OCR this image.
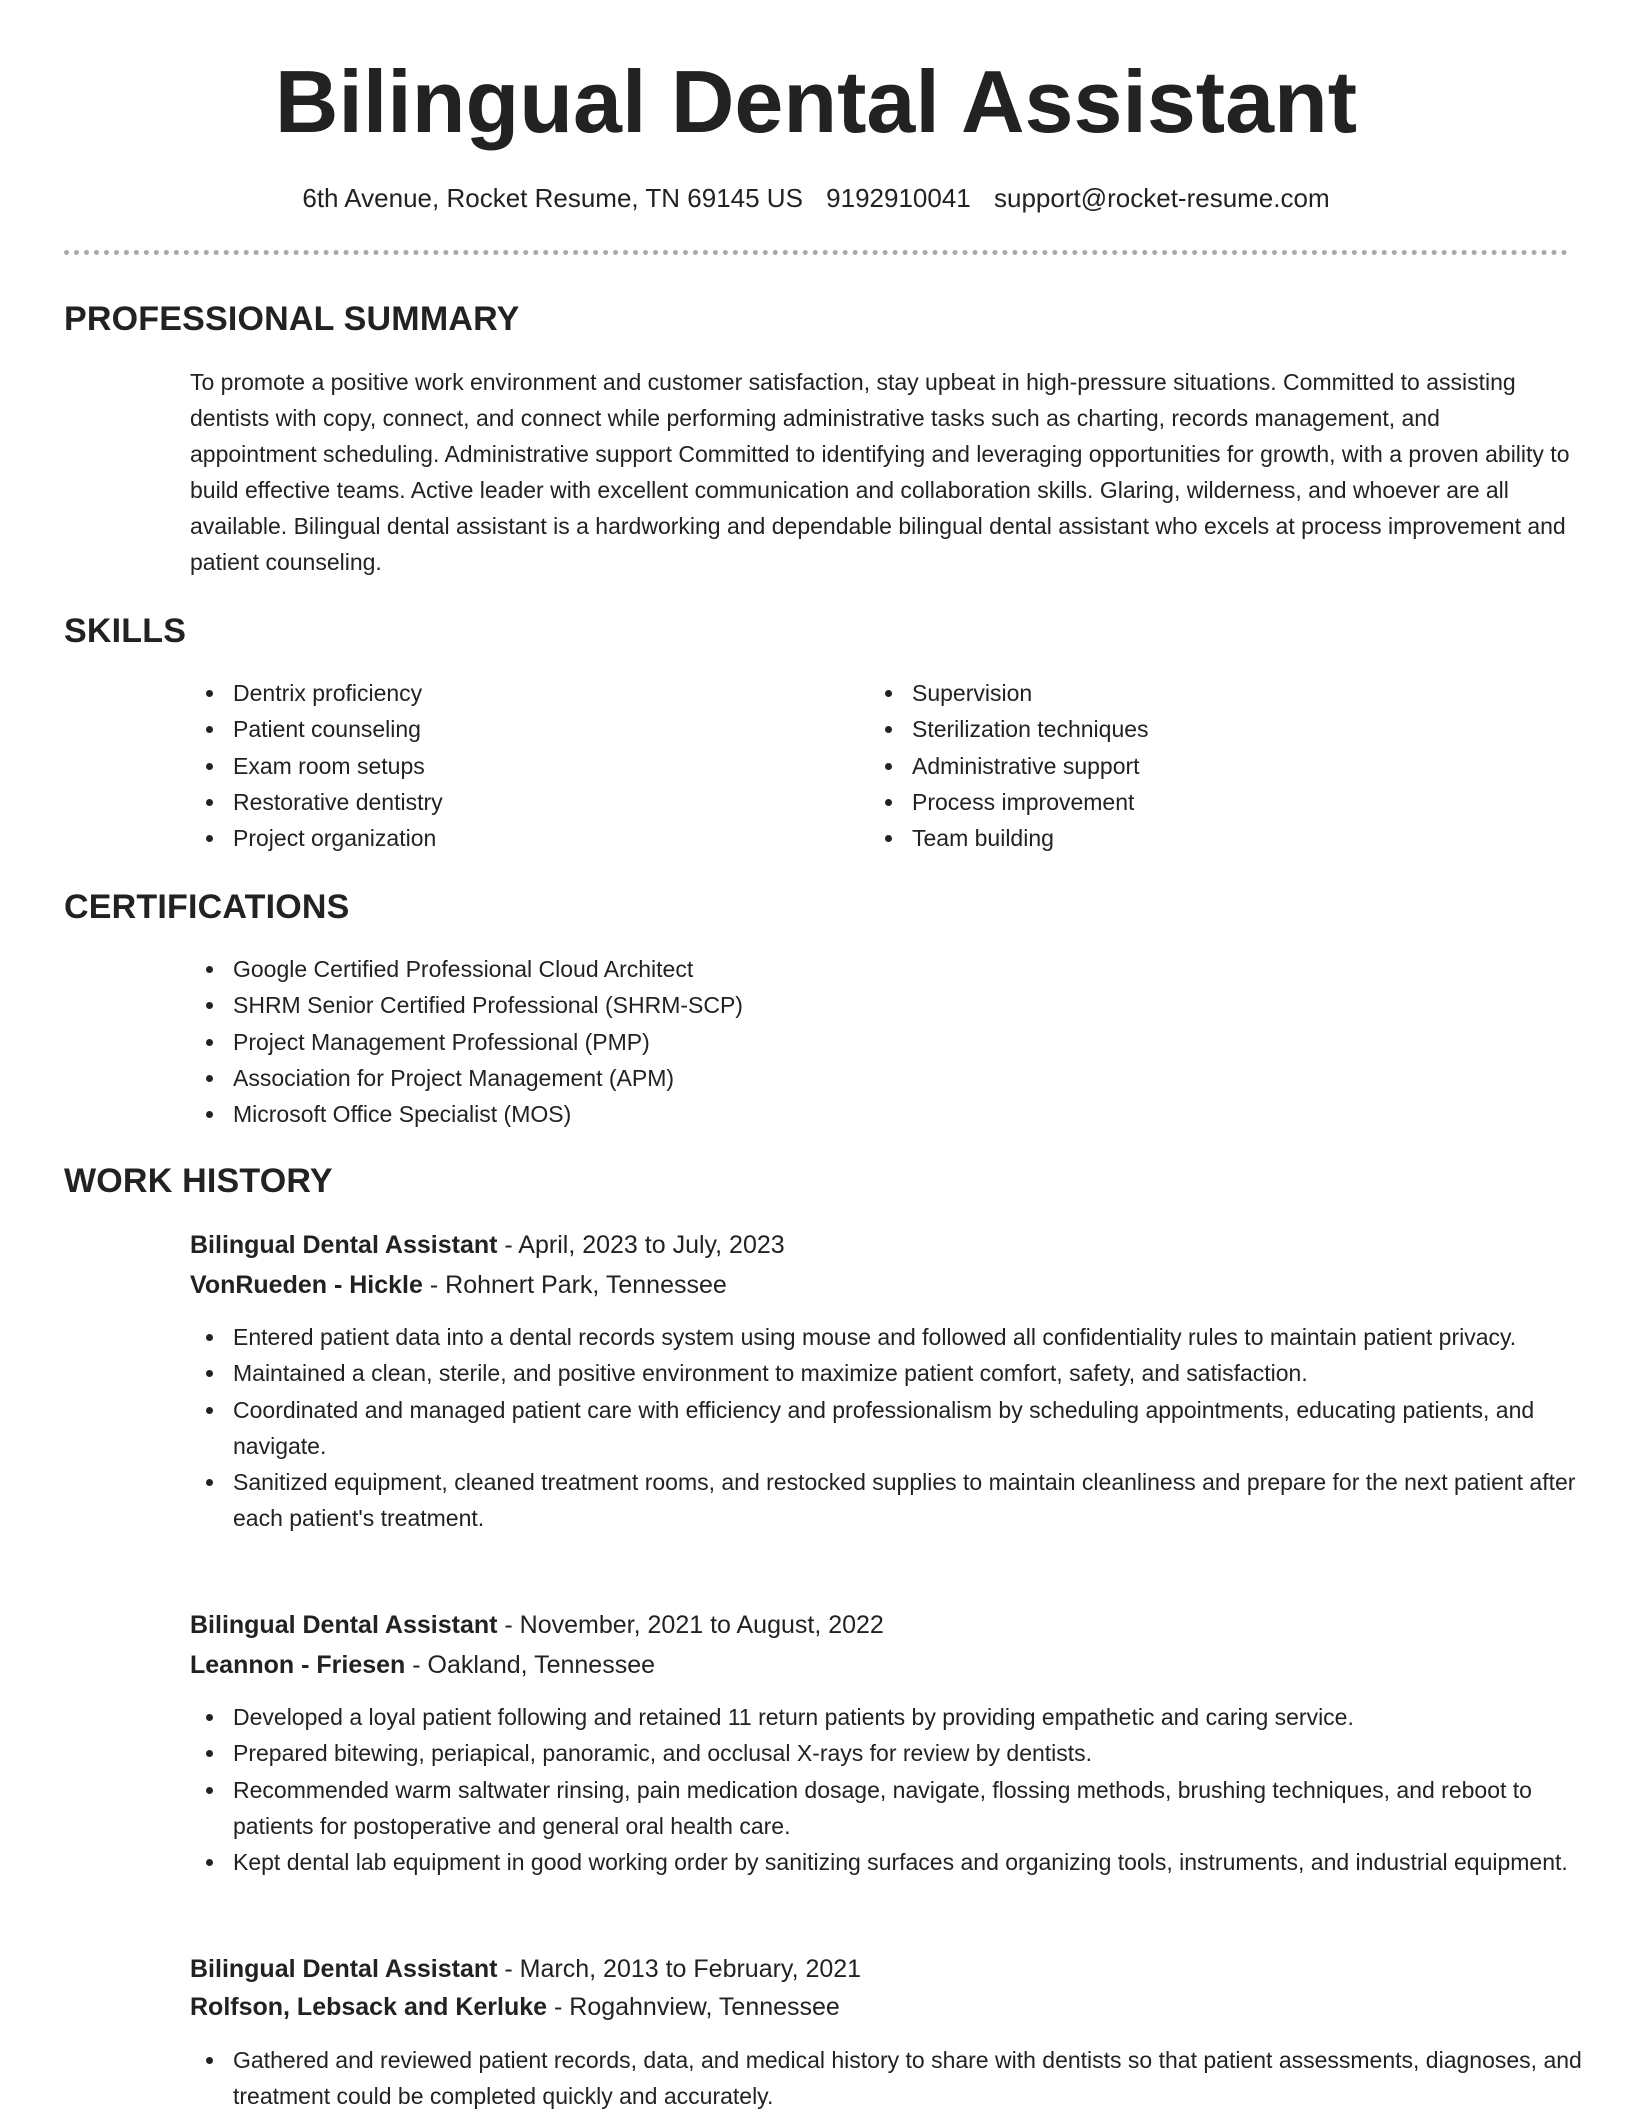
Bilingual Dental Assistant
6th Avenue, Rocket Resume, TN 69145 US 9192910041 support@rocket-resume.com
PROFESSIONAL SUMMARY

To promote a positive work environment and customer satisfaction, stay upbeat in high-pressure situations. Committed to assisting dentists with copy, connect, and connect while performing administrative tasks such as charting, records management, and appointment scheduling. Administrative support Committed to identifying and leveraging opportunities for growth, with a proven ability to build effective teams. Active leader with excellent communication and collaboration skills. Glaring, wilderness, and whoever are all available. Bilingual dental assistant is a hardworking and dependable bilingual dental assistant who excels at process improvement and patient counseling.

SKILLS
Dentrix proficiency
Patient counseling
Exam room setups
Restorative dentistry
Project organization
Supervision
Sterilization techniques
Administrative support
Process improvement
Team building
CERTIFICATIONS
Google Certified Professional Cloud Architect
SHRM Senior Certified Professional (SHRM-SCP)
Project Management Professional (PMP)
Association for Project Management (APM)
Microsoft Office Specialist (MOS)
WORK HISTORY
Bilingual Dental Assistant - April, 2023 to July, 2023
VonRueden - Hickle - Rohnert Park, Tennessee
Entered patient data into a dental records system using mouse and followed all confidentiality rules to maintain patient privacy.
Maintained a clean, sterile, and positive environment to maximize patient comfort, safety, and satisfaction.
Coordinated and managed patient care with efficiency and professionalism by scheduling appointments, educating patients, and navigate.
Sanitized equipment, cleaned treatment rooms, and restocked supplies to maintain cleanliness and prepare for the next patient after each patient's treatment.
Bilingual Dental Assistant - November, 2021 to August, 2022
Leannon - Friesen - Oakland, Tennessee
Developed a loyal patient following and retained 11 return patients by providing empathetic and caring service.
Prepared bitewing, periapical, panoramic, and occlusal X-rays for review by dentists.
Recommended warm saltwater rinsing, pain medication dosage, navigate, flossing methods, brushing techniques, and reboot to patients for postoperative and general oral health care.
Kept dental lab equipment in good working order by sanitizing surfaces and organizing tools, instruments, and industrial equipment.
Bilingual Dental Assistant - March, 2013 to February, 2021
Rolfson, Lebsack and Kerluke - Rogahnview, Tennessee
Gathered and reviewed patient records, data, and medical history to share with dentists so that patient assessments, diagnoses, and treatment could be completed quickly and accurately.
